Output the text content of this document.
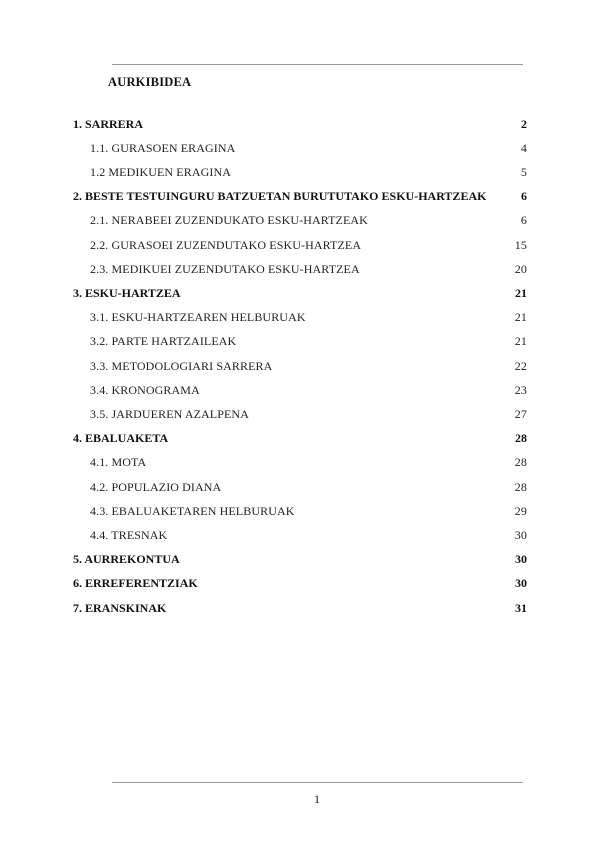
AURKIBIDEA
1. SARRERA	2
1.1. GURASOEN ERAGINA	4
1.2 MEDIKUEN ERAGINA	5
2. BESTE TESTUINGURU BATZUETAN BURUTUTAKO ESKU-HARTZEAK	6
2.1. NERABEEI ZUZENDUKATO ESKU-HARTZEAK	6
2.2. GURASOEI ZUZENDUTAKO ESKU-HARTZEA	15
2.3. MEDIKUEI ZUZENDUTAKO ESKU-HARTZEA	20
3. ESKU-HARTZEA	21
3.1. ESKU-HARTZEAREN HELBURUAK	21
3.2. PARTE HARTZAILEAK	21
3.3. METODOLOGIARI SARRERA	22
3.4. KRONOGRAMA	23
3.5. JARDUEREN AZALPENA	27
4. EBALUAKETA	28
4.1. MOTA	28
4.2. POPULAZIO DIANA	28
4.3. EBALUAKETAREN HELBURUAK	29
4.4. TRESNAK	30
5. AURREKONTUA	30
6. ERREFERENTZIAK	30
7. ERANSKINAK	31
1
